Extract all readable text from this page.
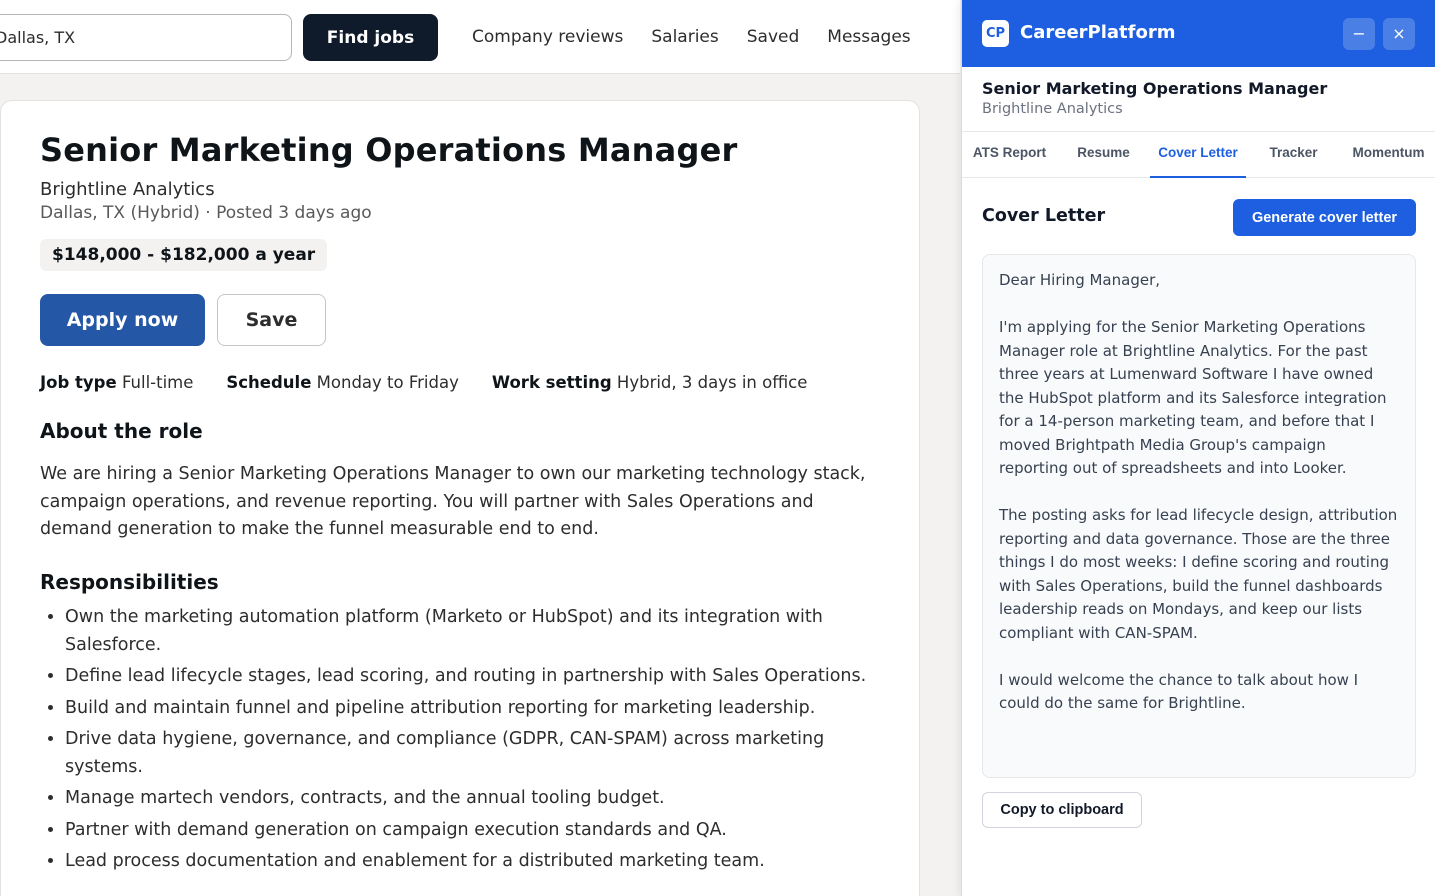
Dallas, TX
Find jobs	Company reviews Salaries Saved Messages
Senior Marketing Operations Manager
Brightline Analytics
Dallas, TX (Hybrid) · Posted 3 days ago
$148,000 - $182,000 a year
Apply now	Save
Job type Full-time Schedule Monday to Friday Work setting Hybrid, 3 days in office
About the role

We are hiring a Senior Marketing Operations Manager to own our marketing technology stack, campaign operations, and revenue reporting. You will partner with Sales Operations and demand generation to make the funnel measurable end to end.

Responsibilities
• Own the marketing automation platform (Marketo or HubSpot) and its integration with Salesforce.
• Define lead lifecycle stages, lead scoring, and routing in partnership with Sales Operations.
• Build and maintain funnel and pipeline attribution reporting for marketing leadership.
• Drive data hygiene, governance, and compliance (GDPR, CAN-SPAM) across marketing systems.
• Manage martech vendors, contracts, and the annual tooling budget.
• Partner with demand generation on campaign execution standards and QA.
• Lead process documentation and enablement for a distributed marketing team.
CP CareerPlatform	−	×
Senior Marketing Operations Manager
Brightline Analytics
ATS Report	Resume	Cover Letter	Tracker	Momentum
Cover Letter	Generate cover letter

Dear Hiring Manager,

I'm applying for the Senior Marketing Operations Manager role at Brightline Analytics. For the past three years at Lumenward Software I have owned the HubSpot platform and its Salesforce integration for a 14-person marketing team, and before that I moved Brightpath Media Group's campaign reporting out of spreadsheets and into Looker.

The posting asks for lead lifecycle design, attribution reporting and data governance. Those are the three things I do most weeks: I define scoring and routing with Sales Operations, build the funnel dashboards leadership reads on Mondays, and keep our lists compliant with CAN-SPAM.

I would welcome the chance to talk about how I could do the same for Brightline.

Copy to clipboard
